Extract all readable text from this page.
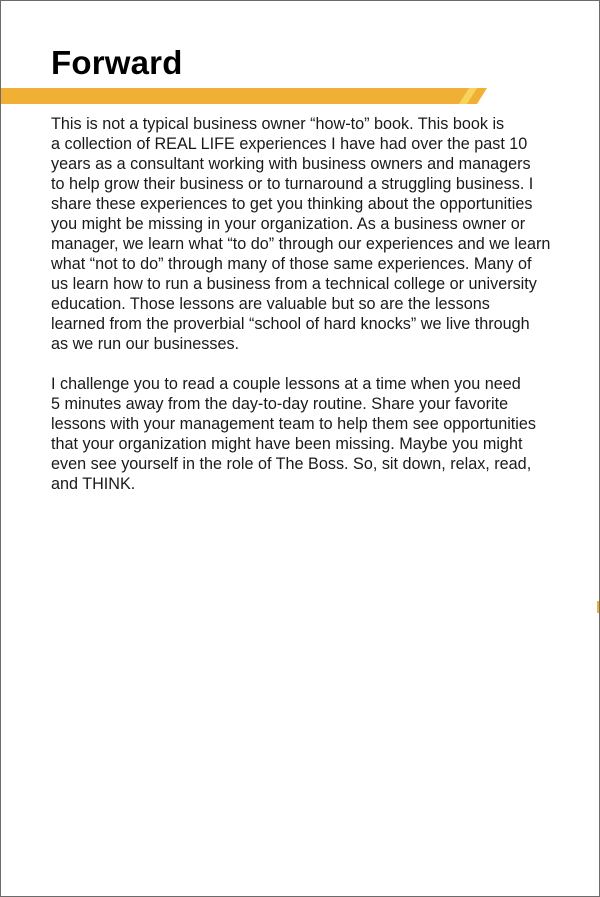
Forward

This is not a typical business owner “how-to” book. This book is
a collection of REAL LIFE experiences I have had over the past 10
years as a consultant working with business owners and managers
to help grow their business or to turnaround a struggling business. I
share these experiences to get you thinking about the opportunities
you might be missing in your organization. As a business owner or
manager, we learn what “to do” through our experiences and we learn
what “not to do” through many of those same experiences. Many of
us learn how to run a business from a technical college or university
education. Those lessons are valuable but so are the lessons
learned from the proverbial “school of hard knocks” we live through
as we run our businesses.

I challenge you to read a couple lessons at a time when you need
5 minutes away from the day-to-day routine. Share your favorite
lessons with your management team to help them see opportunities
that your organization might have been missing. Maybe you might
even see yourself in the role of The Boss. So, sit down, relax, read,
and THINK.
